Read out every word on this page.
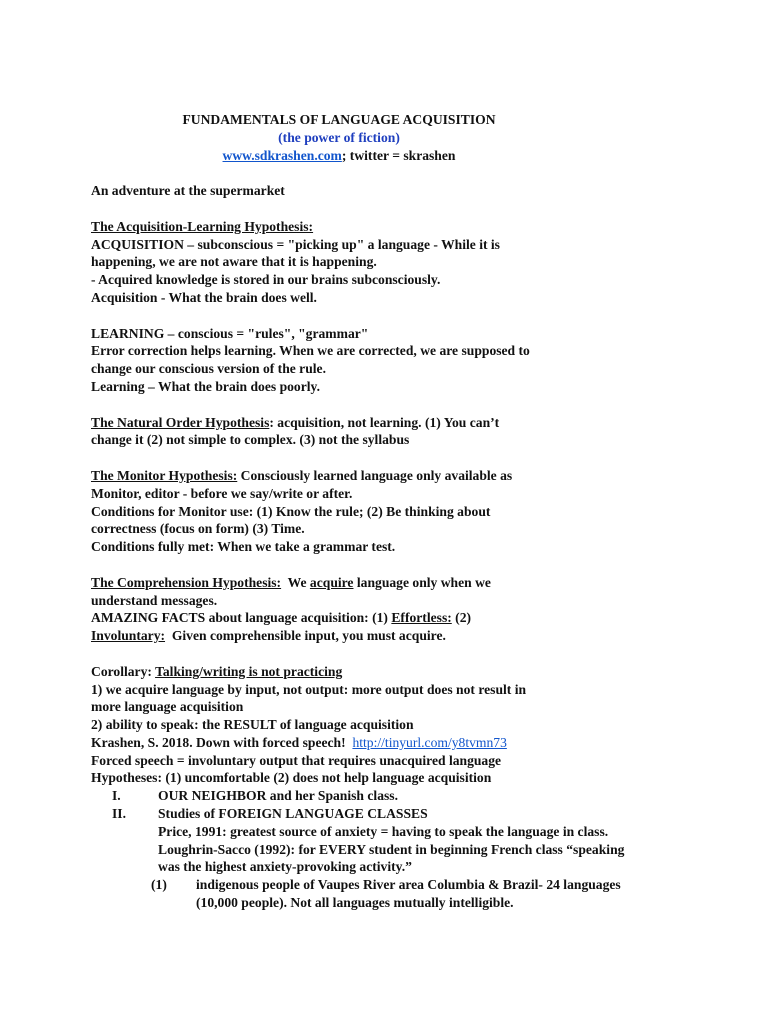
FUNDAMENTALS OF LANGUAGE ACQUISITION
(the power of fiction)
www.sdkrashen.com; twitter = skrashen
An adventure at the supermarket
The Acquisition-Learning Hypothesis:
ACQUISITION – subconscious = "picking up" a language - While it is
happening, we are not aware that it is happening.
- Acquired knowledge is stored in our brains subconsciously.
Acquisition - What the brain does well.
LEARNING – conscious = "rules", "grammar"
Error correction helps learning. When we are corrected, we are supposed to
change our conscious version of the rule.
Learning – What the brain does poorly.
The Natural Order Hypothesis: acquisition, not learning. (1) You can’t
change it (2) not simple to complex. (3) not the syllabus
The Monitor Hypothesis: Consciously learned language only available as
Monitor, editor - before we say/write or after.
Conditions for Monitor use: (1) Know the rule; (2) Be thinking about
correctness (focus on form) (3) Time.
Conditions fully met: When we take a grammar test.
The Comprehension Hypothesis:  We acquire language only when we
understand messages.
AMAZING FACTS about language acquisition: (1) Effortless: (2)
Involuntary:  Given comprehensible input, you must acquire.
Corollary: Talking/writing is not practicing
1) we acquire language by input, not output: more output does not result in
more language acquisition
2) ability to speak: the RESULT of language acquisition
Krashen, S. 2018. Down with forced speech! http://tinyurl.com/y8tvmn73
Forced speech = involuntary output that requires unacquired language
Hypotheses: (1) uncomfortable (2) does not help language acquisition
I.	OUR NEIGHBOR and her Spanish class.
II. Studies of FOREIGN LANGUAGE CLASSES
Price, 1991: greatest source of anxiety = having to speak the language in class.
Loughrin-Sacco (1992): for EVERY student in beginning French class “speaking
was the highest anxiety-provoking activity.”
(1) indigenous people of Vaupes River area Columbia & Brazil- 24 languages
(10,000 people). Not all languages mutually intelligible.
